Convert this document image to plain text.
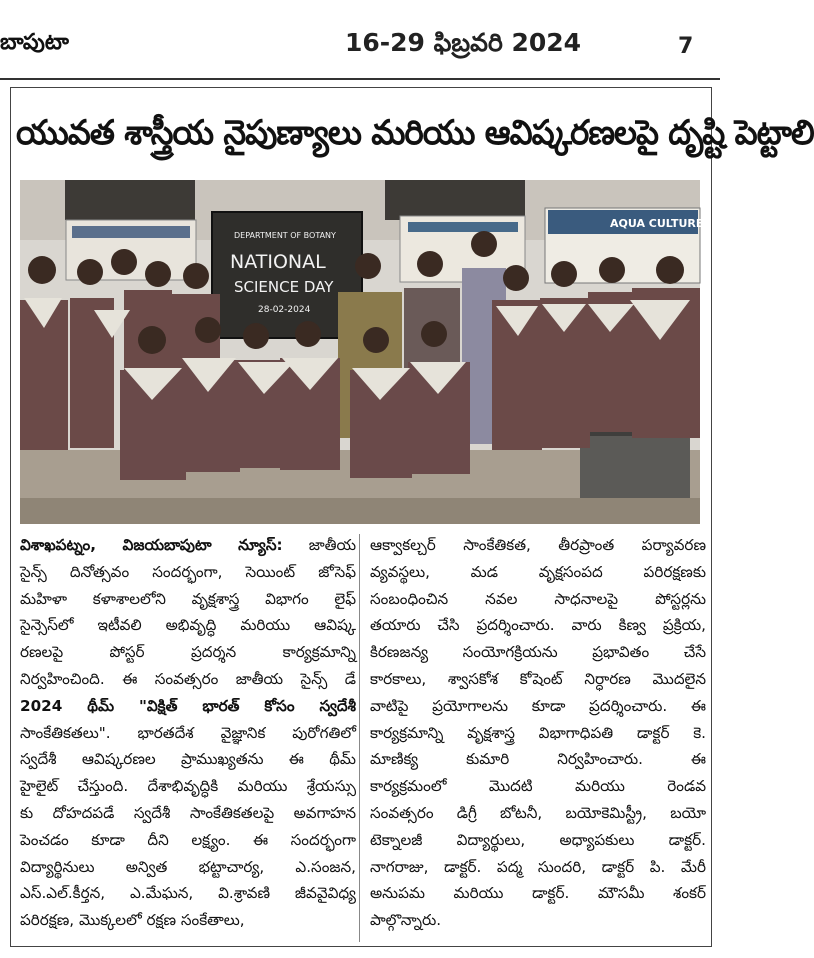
బాపుటా	16-29 ఫిబ్రవరి 2024	7
యువత శాస్త్రీయ నైపుణ్యాలు మరియు ఆవిష్కరణలపై దృష్టి పెట్టాలి
AQUA CULTURE
DEPARTMENT OF BOTANY
NATIONAL
SCIENCE DAY
28-02-2024
విశాఖపట్నం, విజయబాపుటా న్యూస్: జాతీయ
సైన్స్ దినోత్సవం సందర్భంగా, సెయింట్ జోసెఫ్
మహిళా కళాశాలలోని వృక్షశాస్త్ర విభాగం లైఫ్
సైన్సెస్‌లో ఇటీవలి అభివృద్ధి మరియు ఆవిష్క
రణలపై పోస్టర్ ప్రదర్శన కార్యక్రమాన్ని
నిర్వహించింది. ఈ సంవత్సరం జాతీయ సైన్స్ డే
2024 థీమ్ "విక్షిత్ భారత్ కోసం స్వదేశీ
సాంకేతికతలు". భారతదేశ వైజ్ఞానిక పురోగతిలో
స్వదేశీ ఆవిష్కరణల ప్రాముఖ్యతను ఈ థీమ్
హైలైట్ చేస్తుంది. దేశాభివృద్ధికి మరియు శ్రేయస్సు
కు దోహదపడే స్వదేశీ సాంకేతికతలపై అవగాహన
పెంచడం కూడా దీని లక్ష్యం. ఈ సందర్భంగా
విద్యార్థినులు అన్విత భట్టాచార్య, ఎ.సంజన,
ఎస్.ఎల్.కీర్తన, ఎ.మేఘన, వి.శ్రావణి జీవవైవిధ్య
పరిరక్షణ, మొక్కలలో రక్షణ సంకేతాలు,
ఆక్వాకల్చర్ సాంకేతికత, తీరప్రాంత పర్యావరణ
వ్యవస్థలు, మడ వృక్షసంపద పరిరక్షణకు
సంబంధించిన నవల సాధనాలపై పోస్టర్లను
తయారు చేసి ప్రదర్శించారు. వారు కిణ్వ ప్రక్రియ,
కిరణజన్య సంయోగక్రియను ప్రభావితం చేసే
కారకాలు, శ్వాసకోశ కోషెంట్ నిర్ధారణ మొదలైన
వాటిపై ప్రయోగాలను కూడా ప్రదర్శించారు. ఈ
కార్యక్రమాన్ని వృక్షశాస్త్ర విభాగాధిపతి డాక్టర్ కె.
మాణిక్య కుమారి నిర్వహించారు. ఈ
కార్యక్రమంలో మొదటి మరియు రెండవ
సంవత్సరం డిగ్రీ బోటనీ, బయోకెమిస్ట్రీ, బయో
టెక్నాలజీ విద్యార్థులు, అధ్యాపకులు డాక్టర్.
నాగరాజు, డాక్టర్. పద్మ సుందరి, డాక్టర్ పి. మేరీ
అనుపమ మరియు డాక్టర్. మౌసమీ శంకర్
పాల్గొన్నారు.
